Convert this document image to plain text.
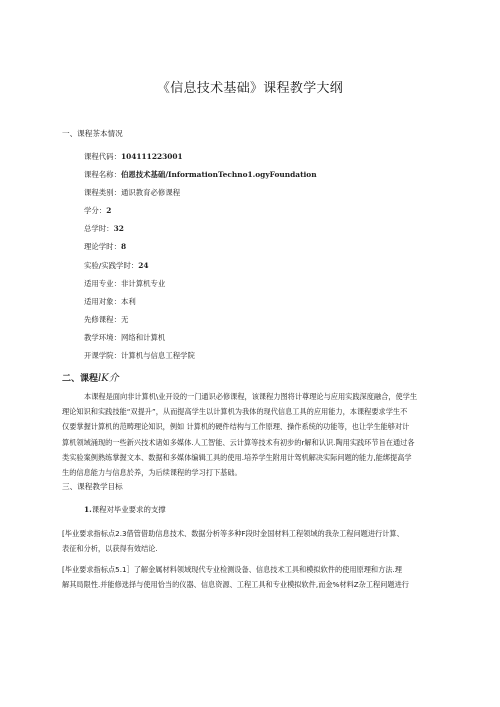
《信息技术基础》课程教学大纲
一、课程茶本情况
课程代码：104111223001
课程名称：伯恩技术基础/InformationTechno1.ogyFoundation
课程类别：通识教育必修课程
学分：2
总学时：32
理论学时：8
实验/实践学时：24
适用专业：非计算机专业
适用对象：本利
先修课程：无
教学环境：网络和计算机
开课学院：计算机与信息工程学院
二、课程lK介
本课程是面向非计算机\业开设的一门通识必修课程，该课程力图将计尊理论与应用实践深度融合，使学生
理论知识和实践技能“双提升”，从而提高学生以计算机为我体的现代信息工具的应用能力，本课程要求学生不
仅要掌握计算机的范畴理论知识，例如 计算机的硬件结构与工作原理、操作系统的功能等，也让学生能够对计
算机领域涌现的一些新兴技术诸如多媒体.人工智能、云计算等技术有初步的r解和认识.陶用实践环节旨在通过各
类实验案例熟练掌握文本、数据和多媒体编辑工具的使用.培养学生附用计驾机解决实际问题的能力,能绑提高学
生的信息能力与信息於养，为后续课程的学习打下基础。
三、课程教学目标
1.课程对毕业要求的支撑
[毕业要求指标点2.3借管借助信息技术、数据分析等多种F段时金国材料工程领域的我杂工程问题进行计算、
表征和分析，以获得有效结论.
[毕业要求指标点5.1］了解金属材料领域现代专业检测设备、信息技术工具和模拟软件的使用原理和方法.理
解其局限性.并能修选择与使用恰当的仪器、信息资源、工程工具和专业模拟软件,而金%材料Z杂工程问题进行
